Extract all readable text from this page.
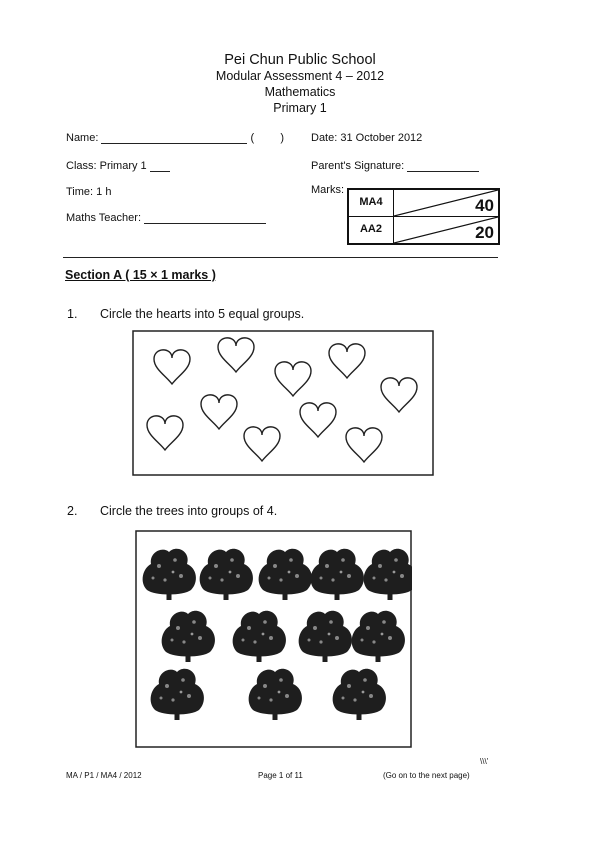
Pei Chun Public School
Modular Assessment 4 – 2012
Mathematics
Primary 1
Name:	( ) Date: 31 October 2012
Class: Primary 1	Parent's Signature:
Time: 1 h	Marks:
Maths Teacher:
MA4	40
AA2	20
Section A ( 15 × 1 marks )
1. Circle the hearts into 5 equal groups.
2. Circle the trees into groups of 4.
\\\'
MA / P1 / MA4 / 2012	Page 1 of 11	(Go on to the next page)
